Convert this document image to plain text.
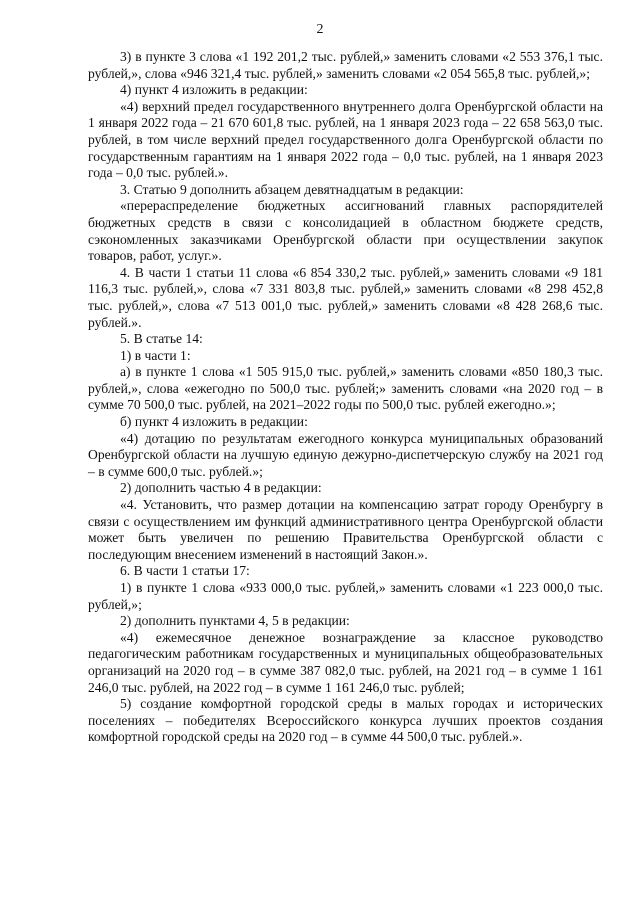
2

3) в пункте 3 слова «1 192 201,2 тыс. рублей,» заменить словами «2 553 376,1 тыс. рублей,», слова «946 321,4 тыс. рублей,» заменить словами «2 054 565,8 тыс. рублей,»;

4) пункт 4 изложить в редакции:

«4) верхний предел государственного внутреннего долга Оренбургской области на 1 января 2022 года – 21 670 601,8 тыс. рублей, на 1 января 2023 года – 22 658 563,0 тыс. рублей, в том числе верхний предел государственного долга Оренбургской области по государственным гарантиям на 1 января 2022 года – 0,0 тыс. рублей, на 1 января 2023 года – 0,0 тыс. рублей.».

3. Статью 9 дополнить абзацем девятнадцатым в редакции:

«перераспределение бюджетных ассигнований главных распорядителей бюджетных средств в связи с консолидацией в областном бюджете средств, сэкономленных заказчиками Оренбургской области при осуществлении закупок товаров, работ, услуг.».

4. В части 1 статьи 11 слова «6 854 330,2 тыс. рублей,» заменить словами «9 181 116,3 тыс. рублей,», слова «7 331 803,8 тыс. рублей,» заменить словами «8 298 452,8 тыс. рублей,», слова «7 513 001,0 тыс. рублей,» заменить словами «8 428 268,6 тыс. рублей.».

5. В статье 14:

1) в части 1:

а) в пункте 1 слова «1 505 915,0 тыс. рублей,» заменить словами «850 180,3 тыс. рублей,», слова «ежегодно по 500,0 тыс. рублей;» заменить словами «на 2020 год – в сумме 70 500,0 тыс. рублей, на 2021–2022 годы по 500,0 тыс. рублей ежегодно.»;

б) пункт 4 изложить в редакции:

«4) дотацию по результатам ежегодного конкурса муниципальных образований Оренбургской области на лучшую единую дежурно-диспетчерскую службу на 2021 год – в сумме 600,0 тыс. рублей.»;

2) дополнить частью 4 в редакции:

«4. Установить, что размер дотации на компенсацию затрат городу Оренбургу в связи с осуществлением им функций административного центра Оренбургской области может быть увеличен по решению Правительства Оренбургской области с последующим внесением изменений в настоящий Закон.».

6. В части 1 статьи 17:

1) в пункте 1 слова «933 000,0 тыс. рублей,» заменить словами «1 223 000,0 тыс. рублей,»;

2) дополнить пунктами 4, 5 в редакции:

«4) ежемесячное денежное вознаграждение за классное руководство педагогическим работникам государственных и муниципальных общеобразовательных организаций на 2020 год – в сумме 387 082,0 тыс. рублей, на 2021 год – в сумме 1 161 246,0 тыс. рублей, на 2022 год – в сумме 1 161 246,0 тыс. рублей;

5) создание комфортной городской среды в малых городах и исторических поселениях – победителях Всероссийского конкурса лучших проектов создания комфортной городской среды на 2020 год – в сумме 44 500,0 тыс. рублей.».
